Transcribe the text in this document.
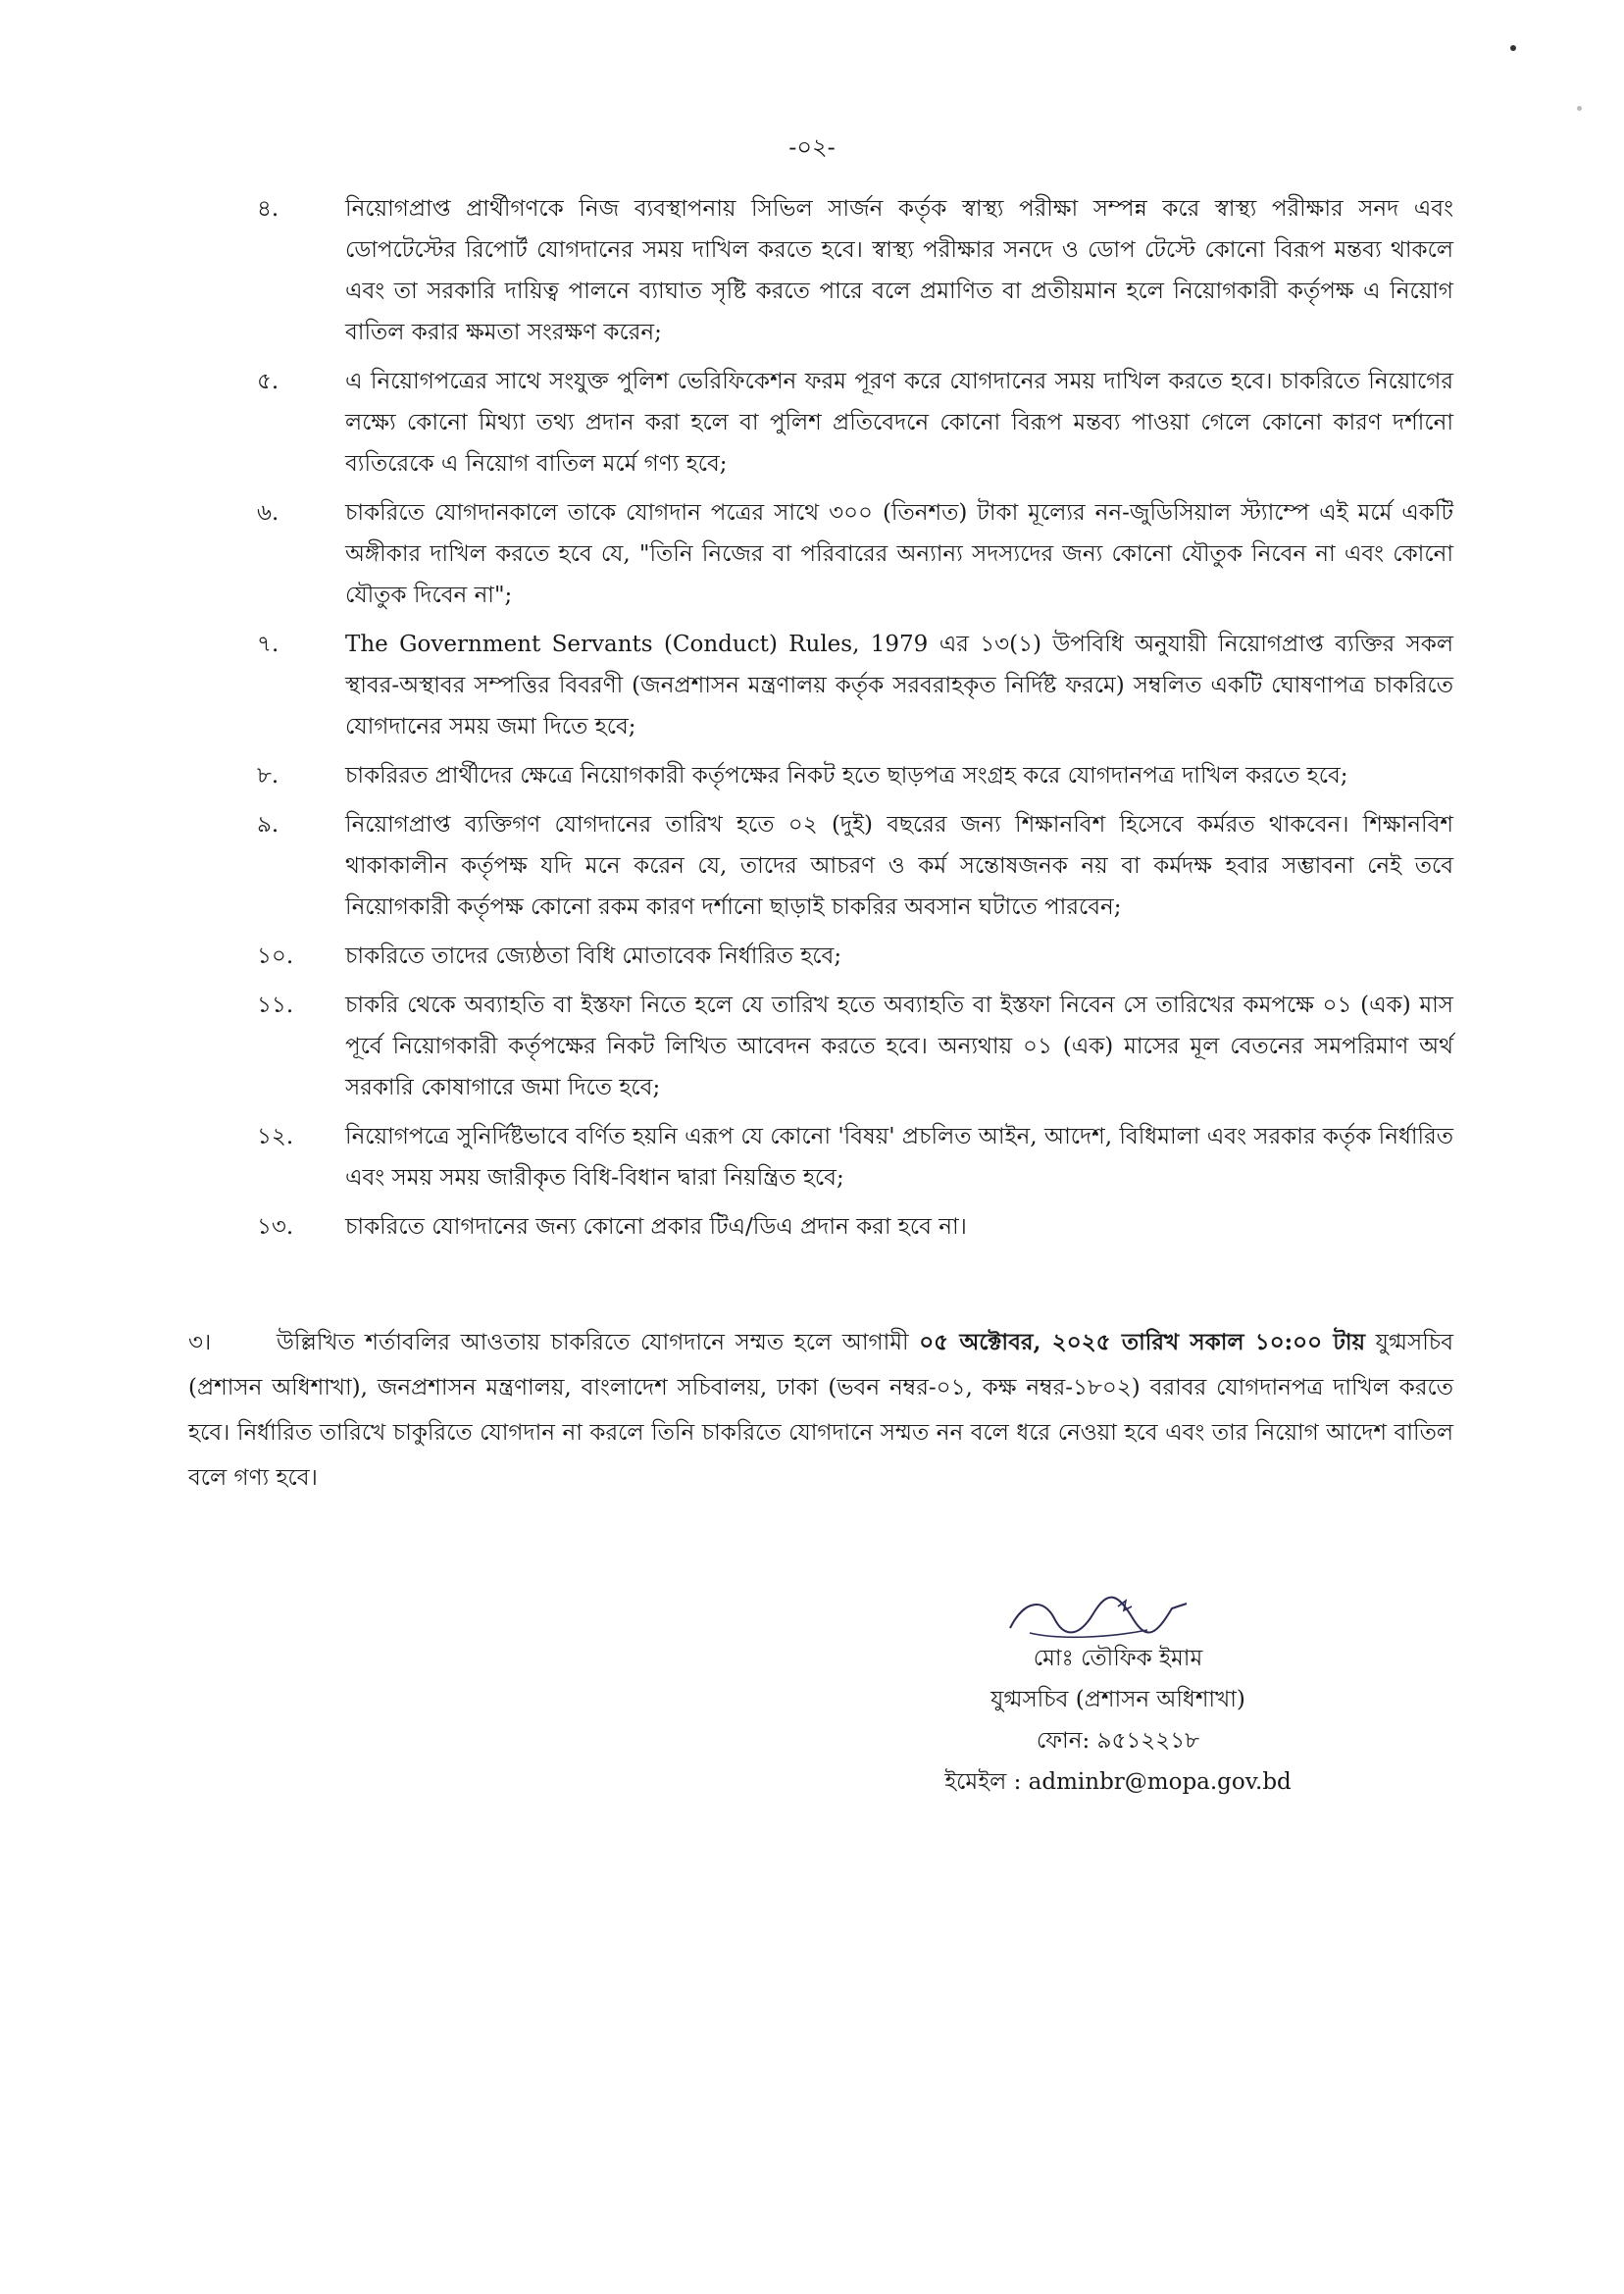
-০২-
৪.	নিয়োগপ্রাপ্ত প্রার্থীগণকে নিজ ব্যবস্থাপনায় সিভিল সার্জন কর্তৃক স্বাস্থ্য পরীক্ষা সম্পন্ন করে স্বাস্থ্য পরীক্ষার সনদ এবং ডোপটেস্টের রিপোর্ট যোগদানের সময় দাখিল করতে হবে। স্বাস্থ্য পরীক্ষার সনদে ও ডোপ টেস্টে কোনো বিরূপ মন্তব্য থাকলে এবং তা সরকারি দায়িত্ব পালনে ব্যাঘাত সৃষ্টি করতে পারে বলে প্রমাণিত বা প্রতীয়মান হলে নিয়োগকারী কর্তৃপক্ষ এ নিয়োগ বাতিল করার ক্ষমতা সংরক্ষণ করেন;
৫.	এ নিয়োগপত্রের সাথে সংযুক্ত পুলিশ ভেরিফিকেশন ফরম পূরণ করে যোগদানের সময় দাখিল করতে হবে। চাকরিতে নিয়োগের লক্ষ্যে কোনো মিথ্যা তথ্য প্রদান করা হলে বা পুলিশ প্রতিবেদনে কোনো বিরূপ মন্তব্য পাওয়া গেলে কোনো কারণ দর্শানো ব্যতিরেকে এ নিয়োগ বাতিল মর্মে গণ্য হবে;
৬.	চাকরিতে যোগদানকালে তাকে যোগদান পত্রের সাথে ৩০০ (তিনশত) টাকা মূল্যের নন-জুডিসিয়াল স্ট্যাম্পে এই মর্মে একটি অঙ্গীকার দাখিল করতে হবে যে, "তিনি নিজের বা পরিবারের অন্যান্য সদস্যদের জন্য কোনো যৌতুক নিবেন না এবং কোনো যৌতুক দিবেন না";
৭.	The Government Servants (Conduct) Rules, 1979 এর ১৩(১) উপবিধি অনুযায়ী নিয়োগপ্রাপ্ত ব্যক্তির সকল স্থাবর-অস্থাবর সম্পত্তির বিবরণী (জনপ্রশাসন মন্ত্রণালয় কর্তৃক সরবরাহকৃত নির্দিষ্ট ফরমে) সম্বলিত একটি ঘোষণাপত্র চাকরিতে যোগদানের সময় জমা দিতে হবে;
৮.	চাকরিরত প্রার্থীদের ক্ষেত্রে নিয়োগকারী কর্তৃপক্ষের নিকট হতে ছাড়পত্র সংগ্রহ করে যোগদানপত্র দাখিল করতে হবে;
৯.	নিয়োগপ্রাপ্ত ব্যক্তিগণ যোগদানের তারিখ হতে ০২ (দুই) বছরের জন্য শিক্ষানবিশ হিসেবে কর্মরত থাকবেন। শিক্ষানবিশ থাকাকালীন কর্তৃপক্ষ যদি মনে করেন যে, তাদের আচরণ ও কর্ম সন্তোষজনক নয় বা কর্মদক্ষ হবার সম্ভাবনা নেই তবে নিয়োগকারী কর্তৃপক্ষ কোনো রকম কারণ দর্শানো ছাড়াই চাকরির অবসান ঘটাতে পারবেন;
১০.	চাকরিতে তাদের জ্যেষ্ঠতা বিধি মোতাবেক নির্ধারিত হবে;
১১.	চাকরি থেকে অব্যাহতি বা ইস্তফা নিতে হলে যে তারিখ হতে অব্যাহতি বা ইস্তফা নিবেন সে তারিখের কমপক্ষে ০১ (এক) মাস পূর্বে নিয়োগকারী কর্তৃপক্ষের নিকট লিখিত আবেদন করতে হবে। অন্যথায় ০১ (এক) মাসের মূল বেতনের সমপরিমাণ অর্থ সরকারি কোষাগারে জমা দিতে হবে;
১২.	নিয়োগপত্রে সুনির্দিষ্টভাবে বর্ণিত হয়নি এরূপ যে কোনো 'বিষয়' প্রচলিত আইন, আদেশ, বিধিমালা এবং সরকার কর্তৃক নির্ধারিত এবং সময় সময় জারীকৃত বিধি-বিধান দ্বারা নিয়ন্ত্রিত হবে;
১৩.	চাকরিতে যোগদানের জন্য কোনো প্রকার টিএ/ডিএ প্রদান করা হবে না।

৩।	উল্লিখিত শর্তাবলির আওতায় চাকরিতে যোগদানে সম্মত হলে আগামী ০৫ অক্টোবর, ২০২৫ তারিখ সকাল ১০:০০ টায় যুগ্মসচিব (প্রশাসন অধিশাখা), জনপ্রশাসন মন্ত্রণালয়, বাংলাদেশ সচিবালয়, ঢাকা (ভবন নম্বর-০১, কক্ষ নম্বর-১৮০২) বরাবর যোগদানপত্র দাখিল করতে হবে। নির্ধারিত তারিখে চাকুরিতে যোগদান না করলে তিনি চাকরিতে যোগদানে সম্মত নন বলে ধরে নেওয়া হবে এবং তার নিয়োগ আদেশ বাতিল বলে গণ্য হবে।

মোঃ তৌফিক ইমাম
যুগ্মসচিব (প্রশাসন অধিশাখা)
ফোন: ৯৫১২২১৮
ইমেইল : adminbr@mopa.gov.bd
